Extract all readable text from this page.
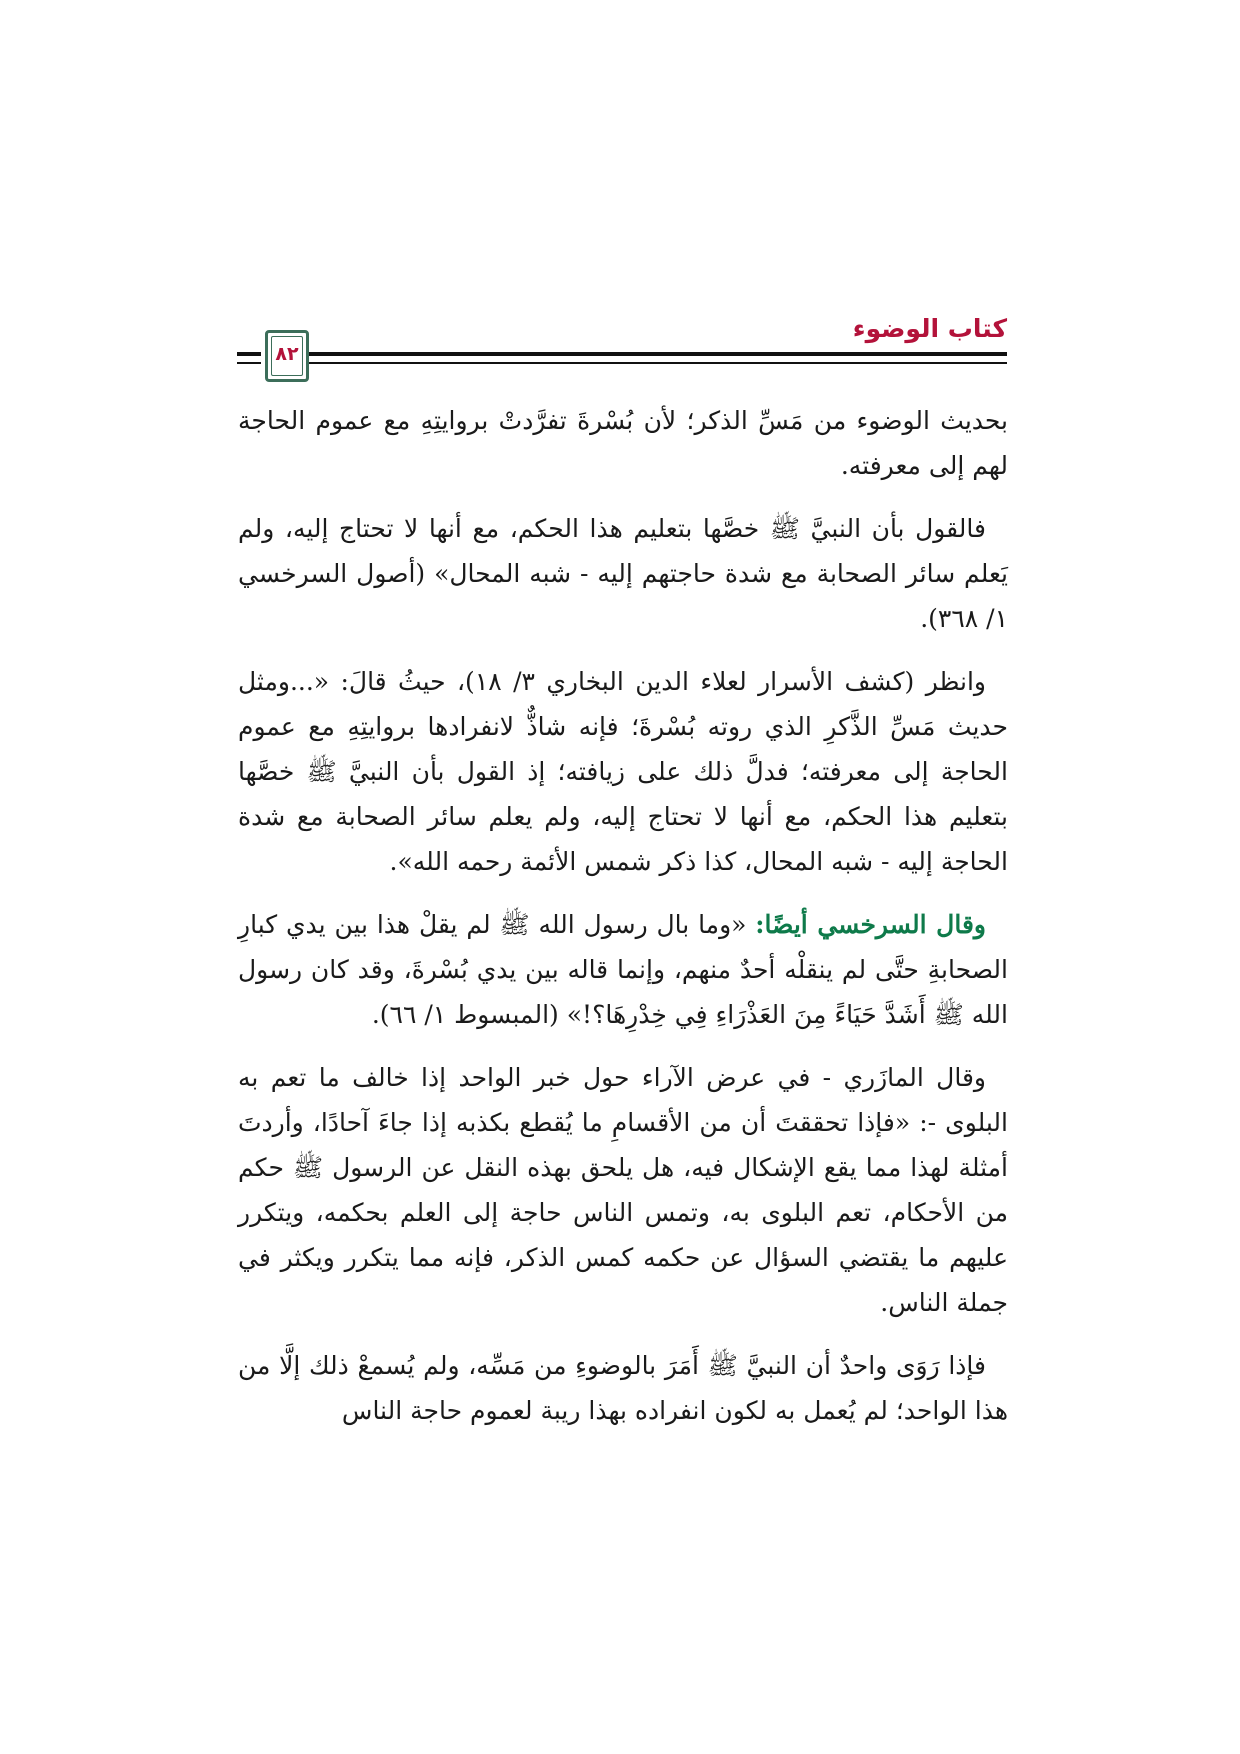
كتاب الوضوء
٨٢

بحديث الوضوء من مَسِّ الذكر؛ لأن بُسْرةَ تفرَّدتْ بروايتِهِ مع عموم الحاجة لهم إلى معرفته.

فالقول بأن النبيَّ ﷺ خصَّها بتعليم هذا الحكم، مع أنها لا تحتاج إليه، ولم يَعلم سائر الصحابة مع شدة حاجتهم إليه - شبه المحال» (أصول السرخسي ١/ ٣٦٨).

وانظر (كشف الأسرار لعلاء الدين البخاري ٣/ ١٨)، حيثُ قالَ: «...ومثل حديث مَسِّ الذَّكرِ الذي روته بُسْرةَ؛ فإنه شاذٌّ لانفرادها بروايتِهِ مع عموم الحاجة إلى معرفته؛ فدلَّ ذلك على زيافته؛ إذ القول بأن النبيَّ ﷺ خصَّها بتعليم هذا الحكم، مع أنها لا تحتاج إليه، ولم يعلم سائر الصحابة مع شدة الحاجة إليه - شبه المحال، كذا ذكر شمس الأئمة رحمه الله».

وقال السرخسي أيضًا: «وما بال رسول الله ﷺ لم يقلْ هذا بين يدي كبارِ الصحابةِ حتَّى لم ينقلْه أحدٌ منهم، وإنما قاله بين يدي بُسْرةَ، وقد كان رسول الله ﷺ أَشَدَّ حَيَاءً مِنَ العَذْرَاءِ فِي خِدْرِهَا؟!» (المبسوط ١/ ٦٦).

وقال المازَري - في عرض الآراء حول خبر الواحد إذا خالف ما تعم به البلوى -: «فإذا تحققتَ أن من الأقسامِ ما يُقطع بكذبه إذا جاءَ آحادًا، وأردتَ أمثلة لهذا مما يقع الإشكال فيه، هل يلحق بهذه النقل عن الرسول ﷺ حكم من الأحكام، تعم البلوى به، وتمس الناس حاجة إلى العلم بحكمه، ويتكرر عليهم ما يقتضي السؤال عن حكمه كمس الذكر، فإنه مما يتكرر ويكثر في جملة الناس.

فإذا رَوَى واحدٌ أن النبيَّ ﷺ أَمَرَ بالوضوءِ من مَسِّه، ولم يُسمعْ ذلك إلَّا من هذا الواحد؛ لم يُعمل به لكون انفراده بهذا ريبة لعموم حاجة الناس
